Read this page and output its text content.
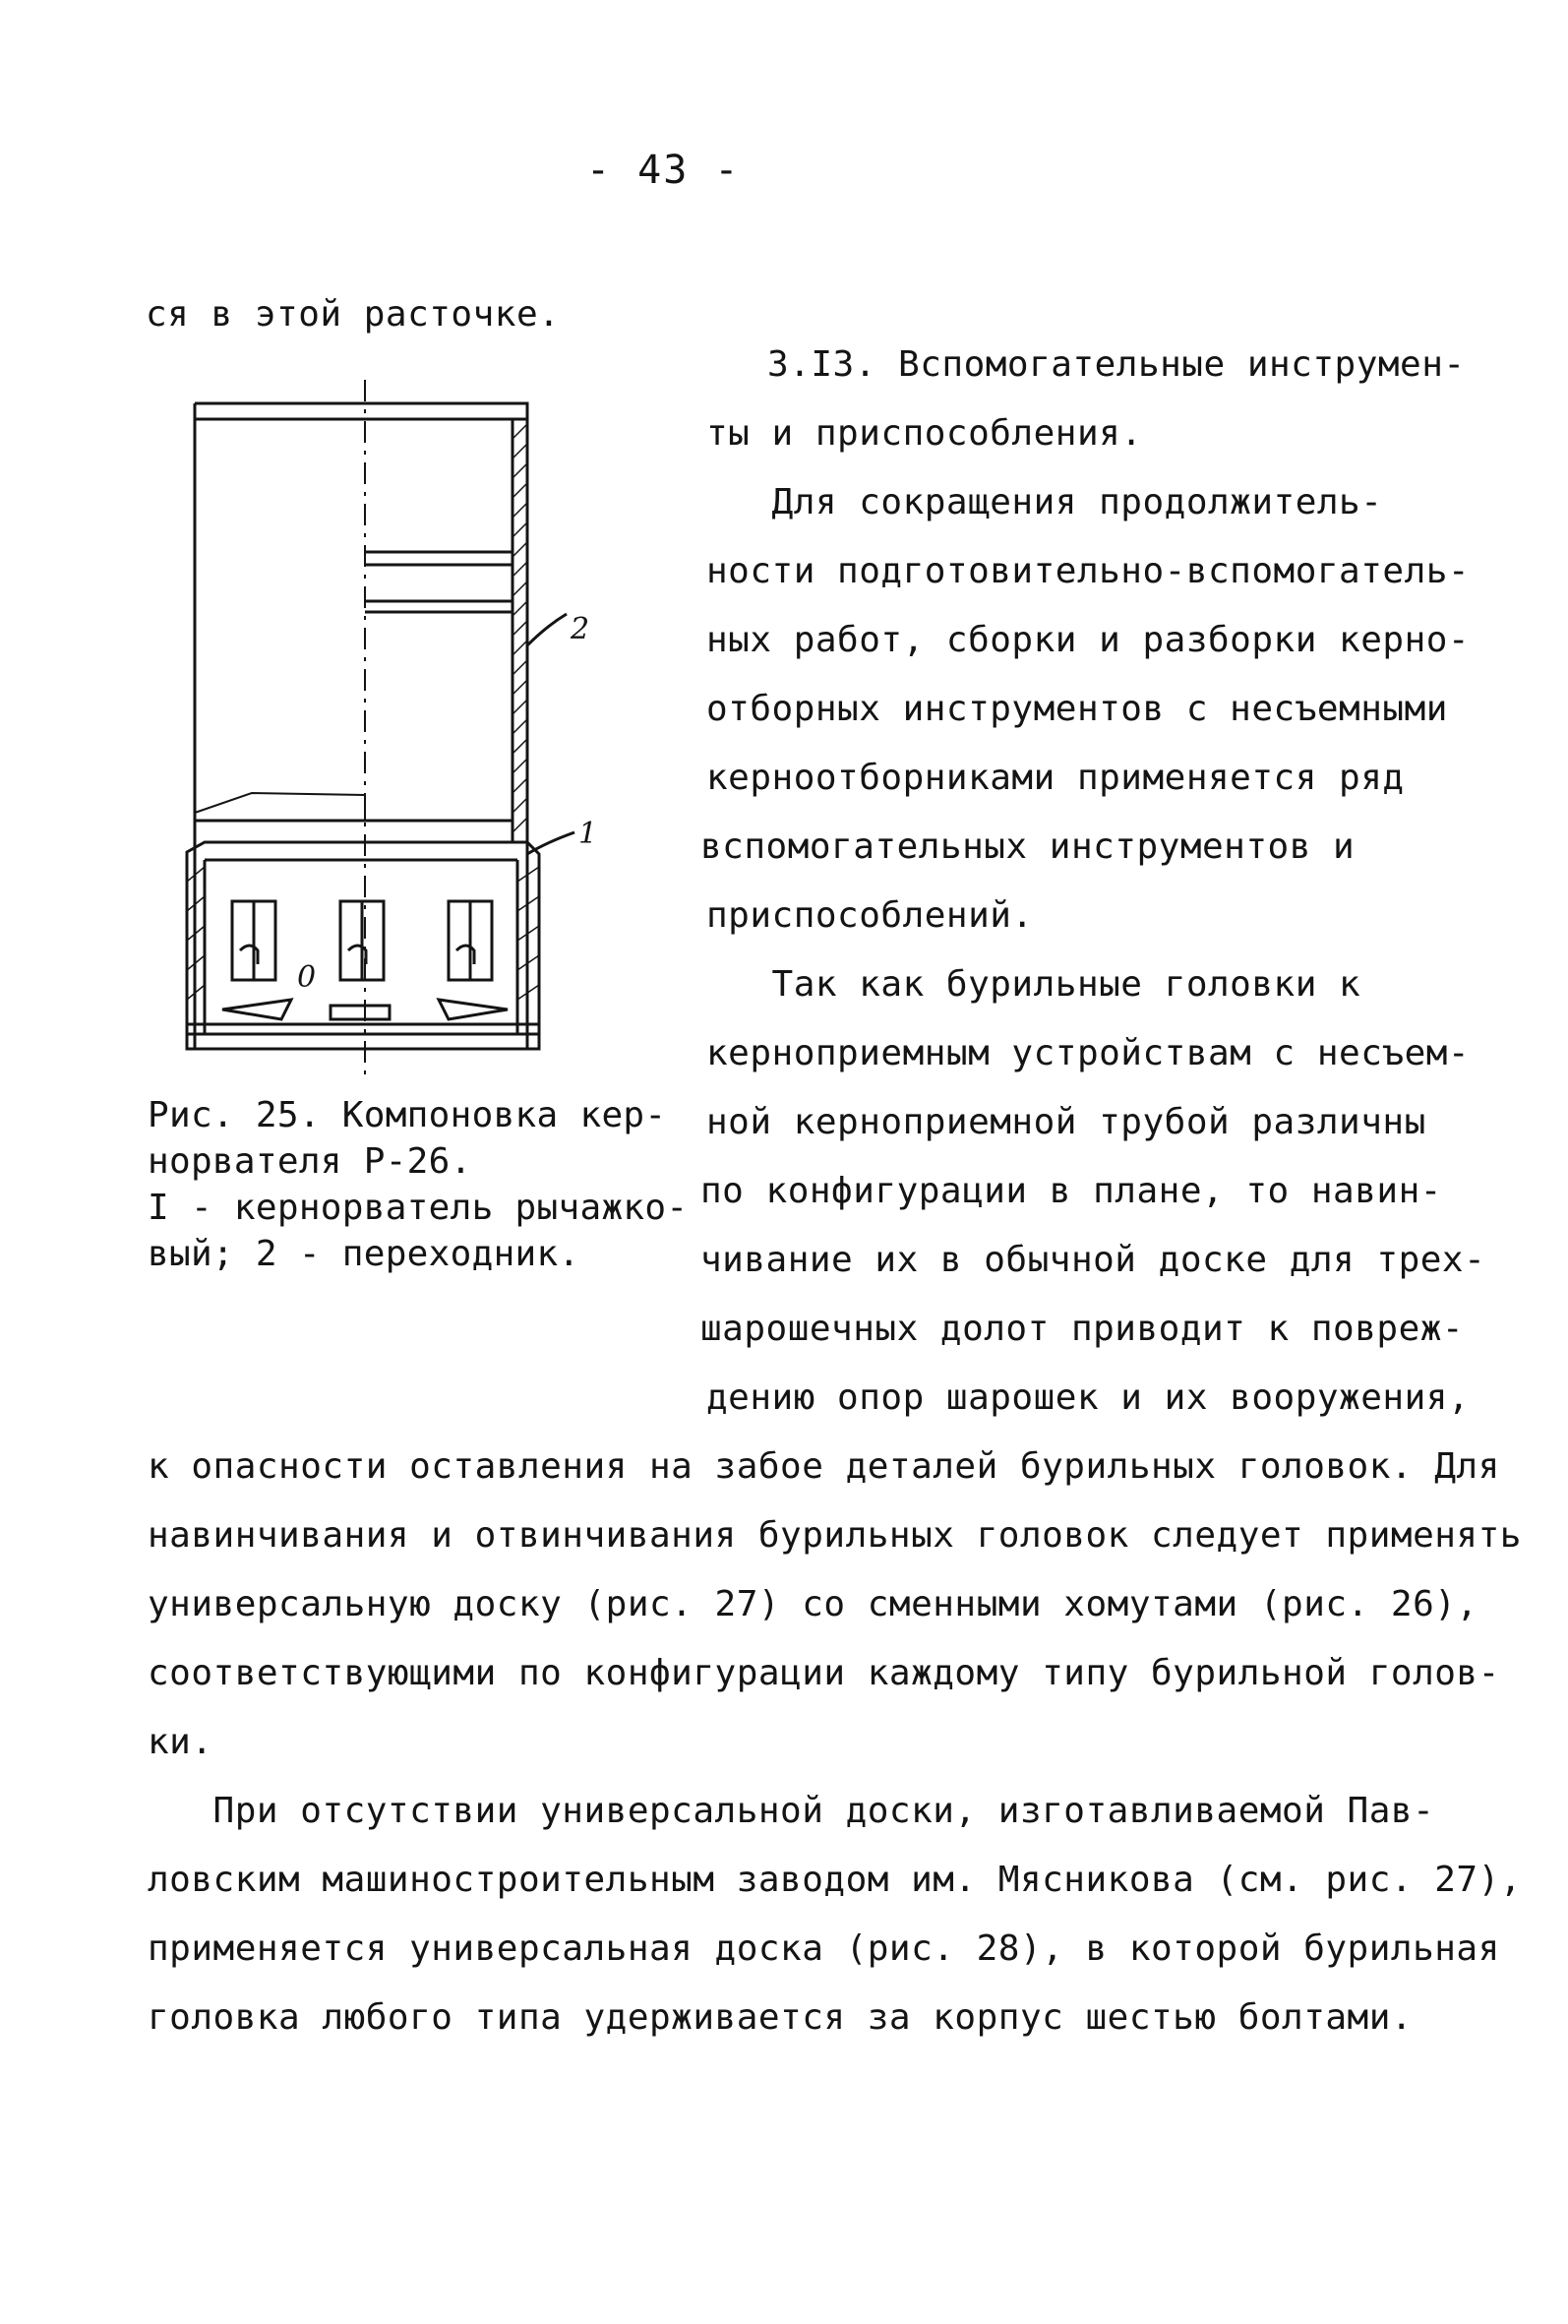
- 43 -
ся в этой расточке.
2
1
0
Рис. 25. Компоновка кер-
норвателя Р-26.
I - кернорватель рычажко-
вый; 2 - переходник.
3.I3. Вспомогательные инструмен-
ты и приспособления.
Для сокращения продолжитель-
ности подготовительно-вспомогатель-
ных работ, сборки и разборки керно-
отборных инструментов с несъемными
керноотборниками применяется ряд
вспомогательных инструментов и
приспособлений.
Так как бурильные головки к
керноприемным устройствам с несъем-
ной керноприемной трубой различны
по конфигурации в плане, то навин-
чивание их в обычной доске для трех-
шарошечных долот приводит к повреж-
дению опор шарошек и их вооружения,
к опасности оставления на забое деталей бурильных головок. Для
навинчивания и отвинчивания бурильных головок следует применять
универсальную доску (рис. 27) со сменными хомутами (рис. 26),
соответствующими по конфигурации каждому типу бурильной голов-
ки.
При отсутствии универсальной доски, изготавливаемой Пав-
ловским машиностроительным заводом им. Мясникова (см. рис. 27),
применяется универсальная доска (рис. 28), в которой бурильная
головка любого типа удерживается за корпус шестью болтами.
